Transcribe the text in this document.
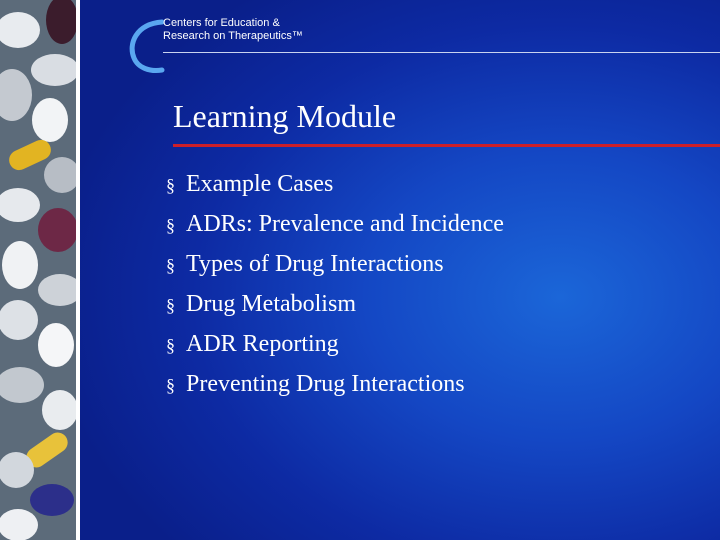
Centers for Education &
Research on Therapeutics™
Learning Module
§ Example Cases
§ ADRs: Prevalence and Incidence
§ Types of Drug Interactions
§ Drug Metabolism
§ ADR Reporting
§ Preventing Drug Interactions
